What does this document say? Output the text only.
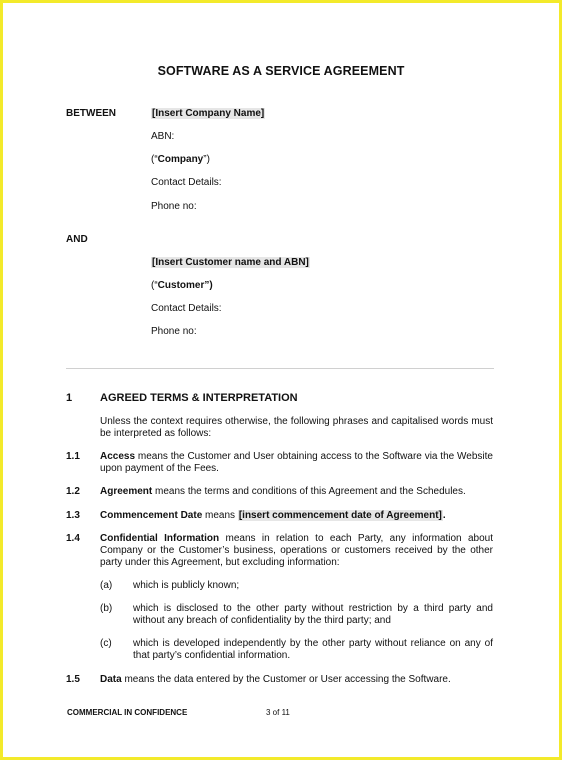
SOFTWARE AS A SERVICE AGREEMENT
BETWEEN	[Insert Company Name]
ABN:
(“Company”)
Contact Details:
Phone no:
AND
[Insert Customer name and ABN]
(“Customer”)
Contact Details:
Phone no:
1	AGREED TERMS & INTERPRETATION
Unless the context requires otherwise, the following phrases and capitalised words must be interpreted as follows:
1.1 Access means the Customer and User obtaining access to the Software via the Website upon payment of the Fees.
1.2 Agreement means the terms and conditions of this Agreement and the Schedules.
1.3 Commencement Date means [insert commencement date of Agreement].
1.4 Confidential Information means in relation to each Party, any information about Company or the Customer’s business, operations or customers received by the other party under this Agreement, but excluding information:
(a) which is publicly known;
(b) which is disclosed to the other party without restriction by a third party and without any breach of confidentiality by the third party; and
(c) which is developed independently by the other party without reliance on any of that party’s confidential information.
1.5 Data means the data entered by the Customer or User accessing the Software.
COMMERCIAL IN CONFIDENCE	3 of 11
